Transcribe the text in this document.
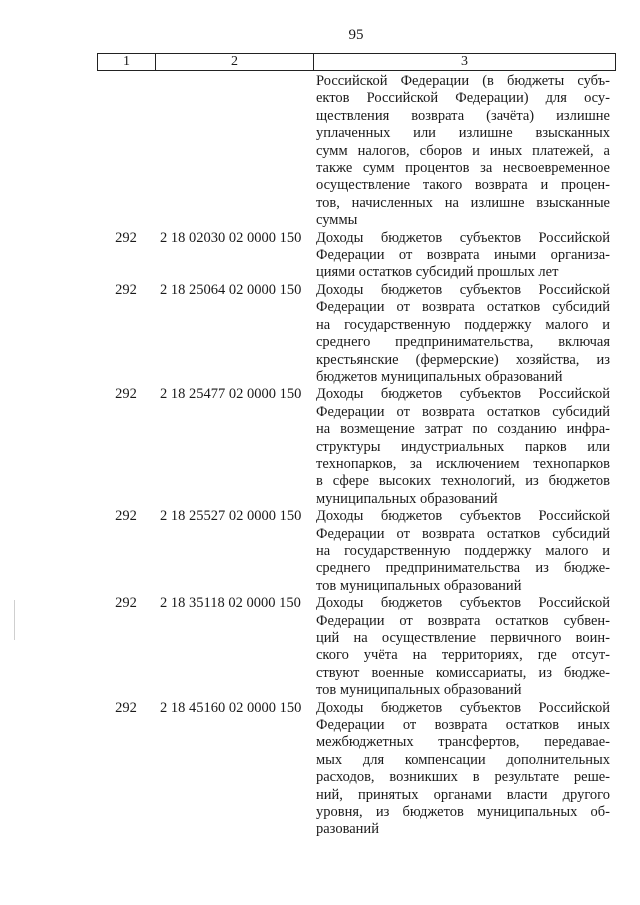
95
1	2	3
Российской Федерации (в бюджеты субъ-
ектов Российской Федерации) для осу-
ществления возврата (зачёта) излишне
уплаченных или излишне взысканных
сумм налогов, сборов и иных платежей, а
также сумм процентов за несвоевременное
осуществление такого возврата и процен-
тов, начисленных на излишне взысканные
суммы
292	2 18 02030 02 0000 150	Доходы бюджетов субъектов Российской
Федерации от возврата иными организа-
циями остатков субсидий прошлых лет
292	2 18 25064 02 0000 150	Доходы бюджетов субъектов Российской
Федерации от возврата остатков субсидий
на государственную поддержку малого и
среднего предпринимательства, включая
крестьянские (фермерские) хозяйства, из
бюджетов муниципальных образований
292	2 18 25477 02 0000 150	Доходы бюджетов субъектов Российской
Федерации от возврата остатков субсидий
на возмещение затрат по созданию инфра-
структуры индустриальных парков или
технопарков, за исключением технопарков
в сфере высоких технологий, из бюджетов
муниципальных образований
292	2 18 25527 02 0000 150	Доходы бюджетов субъектов Российской
Федерации от возврата остатков субсидий
на государственную поддержку малого и
среднего предпринимательства из бюдже-
тов муниципальных образований
292	2 18 35118 02 0000 150	Доходы бюджетов субъектов Российской
Федерации от возврата остатков субвен-
ций на осуществление первичного воин-
ского учёта на территориях, где отсут-
ствуют военные комиссариаты, из бюдже-
тов муниципальных образований
292	2 18 45160 02 0000 150	Доходы бюджетов субъектов Российской
Федерации от возврата остатков иных
межбюджетных трансфертов, передавае-
мых для компенсации дополнительных
расходов, возникших в результате реше-
ний, принятых органами власти другого
уровня, из бюджетов муниципальных об-
разований
